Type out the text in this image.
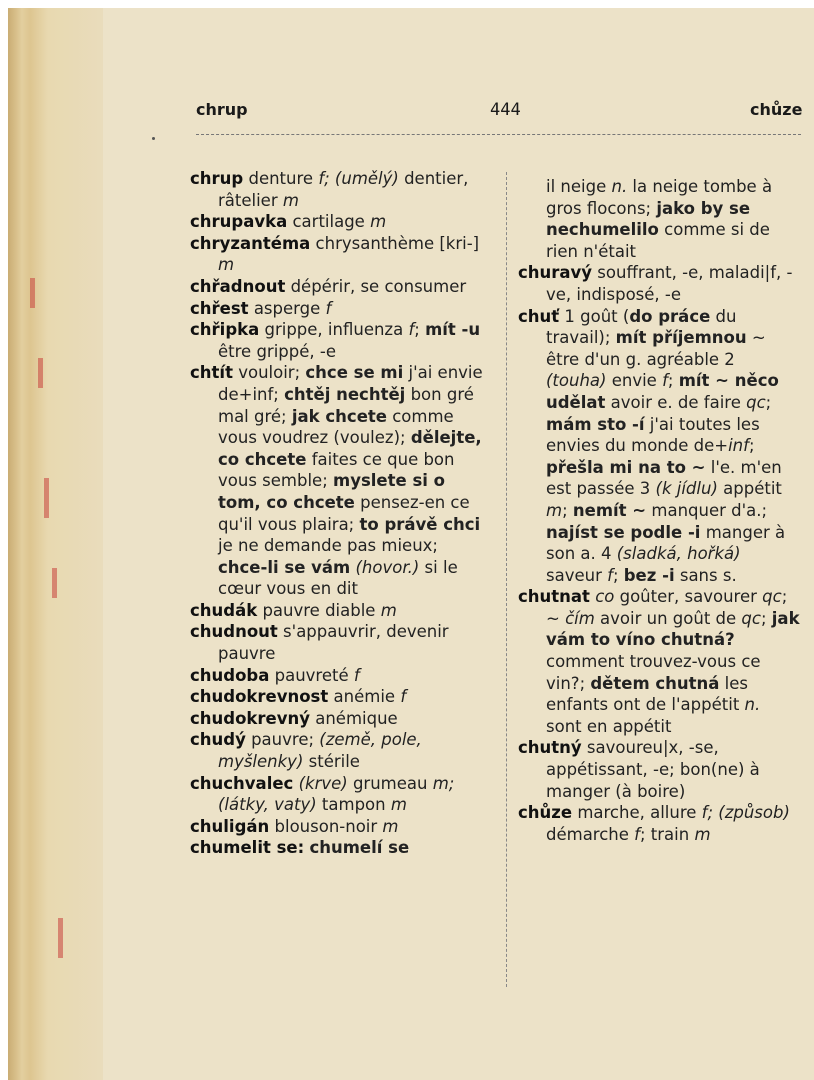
chrup	444	chůze

chrup denture f; (umělý) dentier, râtelier m

chrupavka cartilage m

chryzantéma chrysanthème [kri-] m

chřadnout dépérir, se consumer

chřest asperge f

chřipka grippe, influenza f; mít -u être grippé, -e

chtít vouloir; chce se mi j'ai envie de+inf; chtěj nechtěj bon gré mal gré; jak chcete comme vous voudrez (voulez); dělejte, co chcete faites ce que bon vous semble; myslete si o tom, co chcete pensez-en ce qu'il vous plaira; to právě chci je ne demande pas mieux; chce-li se vám (hovor.) si le cœur vous en dit

chudák pauvre diable m

chudnout s'appauvrir, devenir pauvre

chudoba pauvreté f

chudokrevnost anémie f

chudokrevný anémique

chudý pauvre; (země, pole, myšlenky) stérile

chuchvalec (krve) grumeau m; (látky, vaty) tampon m

chuligán blouson-noir m

chumelit se: chumelí se

il neige n. la neige tombe à gros flocons; jako by se nechumelilo comme si de rien n'était

churavý souffrant, -e, maladi|f, -ve, indisposé, -e

chuť 1 goût (do práce du travail); mít příjemnou ~ être d'un g. agréable 2 (touha) envie f; mít ~ něco udělat avoir e. de faire qc; mám sto -í j'ai toutes les envies du monde de+inf; přešla mi na to ~ l'e. m'en est passée 3 (k jídlu) appétit m; nemít ~ manquer d'a.; najíst se podle -i manger à son a. 4 (sladká, hořká) saveur f; bez -i sans s.

chutnat co goûter, savourer qc; ~ čím avoir un goût de qc; jak vám to víno chutná? comment trouvez-vous ce vin?; dětem chutná les enfants ont de l'appétit n. sont en appétit

chutný savoureu|x, -se, appétissant, -e; bon(ne) à manger (à boire)

chůze marche, allure f; (způsob) démarche f; train m
